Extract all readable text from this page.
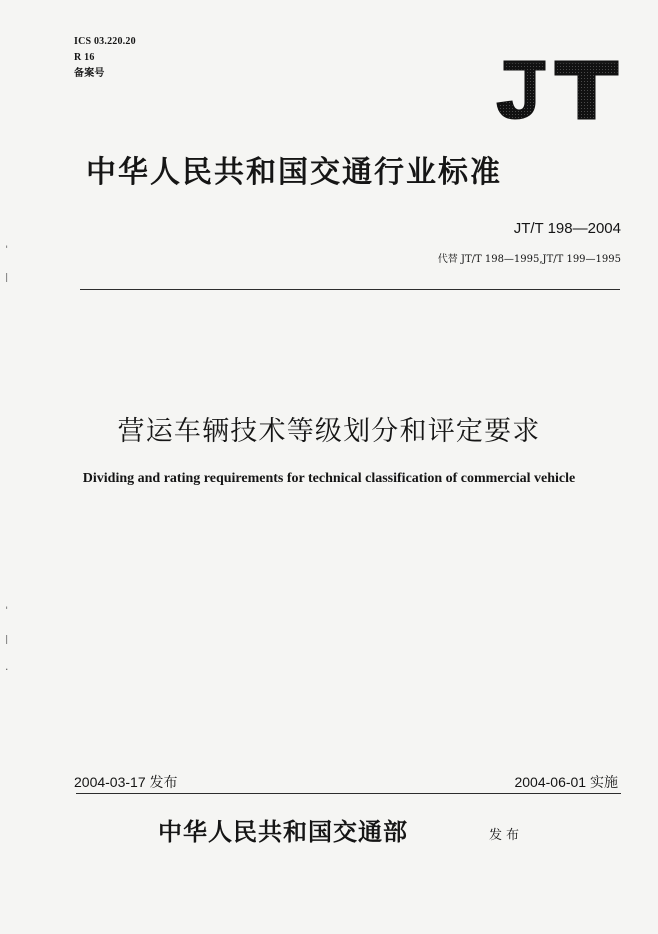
ICS 03.220.20
R 16
备案号
中华人民共和国交通行业标准
JT/T 198—2004
代替 JT/T 198—1995,JT/T 199—1995
营运车辆技术等级划分和评定要求
Dividing and rating requirements for technical classification of commercial vehicle
2004-03-17 发布	2004-06-01 实施
中华人民共和国交通部	发布
'
|
'
|
.
